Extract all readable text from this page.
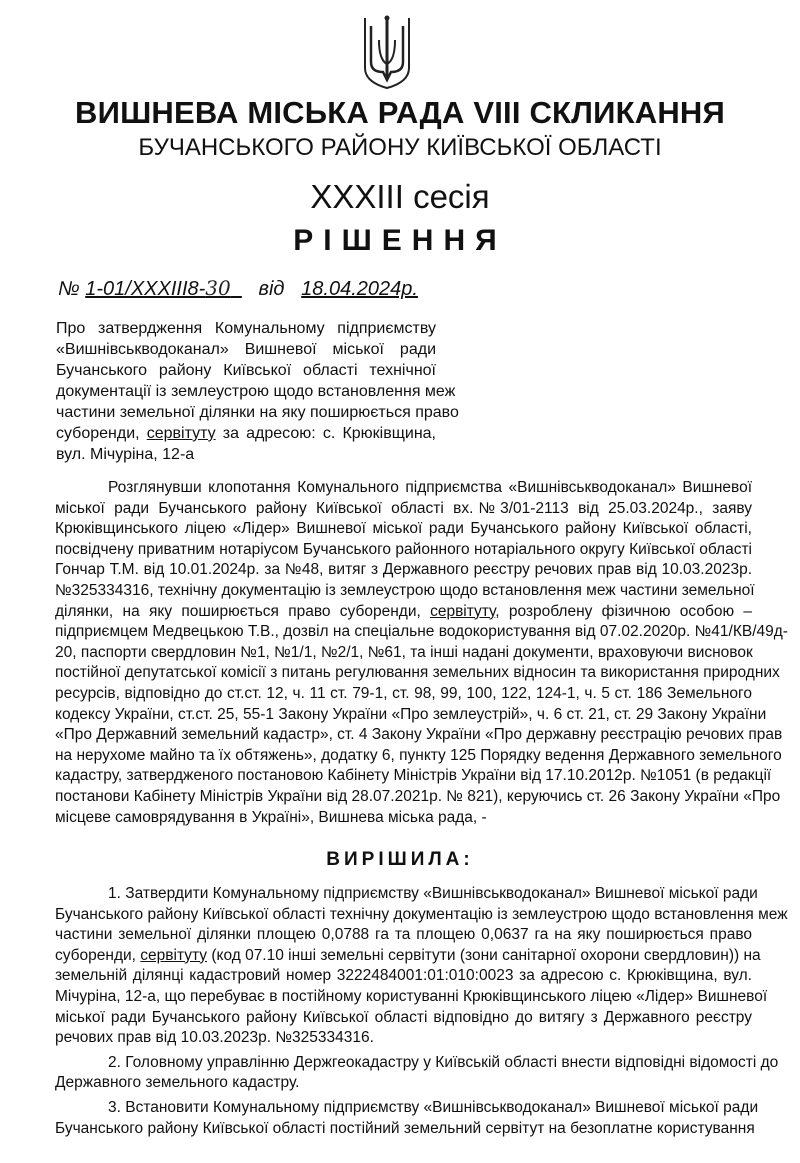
ВИШНЕВА МІСЬКА РАДА VIII СКЛИКАННЯ
БУЧАНСЬКОГО РАЙОНУ КИЇВСЬКОЇ ОБЛАСТІ
XXXIII сесія
РІШЕННЯ
№ 1-01/XXXIII8-30 від 18.04.2024р.
Про затвердження Комунальному підприємству
«Вишнівськводоканал» Вишневої міської ради
Бучанського району Київської області технічної
документації із землеустрою щодо встановлення меж
частини земельної ділянки на яку поширюється право
суборенди, сервітуту за адресою: с. Крюківщина,
вул. Мічуріна, 12-а
Розглянувши клопотання Комунального підприємства «Вишнівськводоканал» Вишневої
міської ради Бучанського району Київської області вх.№3/01-2113 від 25.03.2024р., заяву
Крюківщинського ліцею «Лідер» Вишневої міської ради Бучанського району Київської області,
посвідчену приватним нотаріусом Бучанського районного нотаріального округу Київської області
Гончар Т.М. від 10.01.2024р. за №48, витяг з Державного реєстру речових прав від 10.03.2023р.
№325334316, технічну документацію із землеустрою щодо встановлення меж частини земельної
ділянки, на яку поширюється право суборенди, сервітуту, розроблену фізичною особою –
підприємцем Медвецькою Т.В., дозвіл на спеціальне водокористування від 07.02.2020р. №41/КВ/49д-
20, паспорти свердловин №1, №1/1, №2/1, №61, та інші надані документи, враховуючи висновок
постійної депутатської комісії з питань регулювання земельних відносин та використання природних
ресурсів, відповідно до ст.ст. 12, ч. 11 ст. 79-1, ст. 98, 99, 100, 122, 124-1, ч. 5 ст. 186 Земельного
кодексу України, ст.ст. 25, 55-1 Закону України «Про землеустрій», ч. 6 ст. 21, ст. 29 Закону України
«Про Державний земельний кадастр», ст. 4 Закону України «Про державну реєстрацію речових прав
на нерухоме майно та їх обтяжень», додатку 6, пункту 125 Порядку ведення Державного земельного
кадастру, затвердженого постановою Кабінету Міністрів України від 17.10.2012р. №1051 (в редакції
постанови Кабінету Міністрів України від 28.07.2021р. № 821), керуючись ст. 26 Закону України «Про
місцеве самоврядування в Україні», Вишнева міська рада, -
ВИРІШИЛА:
1. Затвердити Комунальному підприємству «Вишнівськводоканал» Вишневої міської ради
Бучанського району Київської області технічну документацію із землеустрою щодо встановлення меж
частини земельної ділянки площею 0,0788 га та площею 0,0637 га на яку поширюється право
суборенди, сервітуту (код 07.10 інші земельні сервітути (зони санітарної охорони свердловин)) на
земельній ділянці кадастровий номер 3222484001:01:010:0023 за адресою с. Крюківщина, вул.
Мічуріна, 12-а, що перебуває в постійному користуванні Крюківщинського ліцею «Лідер» Вишневої
міської ради Бучанського району Київської області відповідно до витягу з Державного реєстру
речових прав від 10.03.2023р. №325334316.
2. Головному управлінню Держгеокадастру у Київській області внести відповідні відомості до
Державного земельного кадастру.
3. Встановити Комунальному підприємству «Вишнівськводоканал» Вишневої міської ради
Бучанського району Київської області постійний земельний сервітут на безоплатне користування
